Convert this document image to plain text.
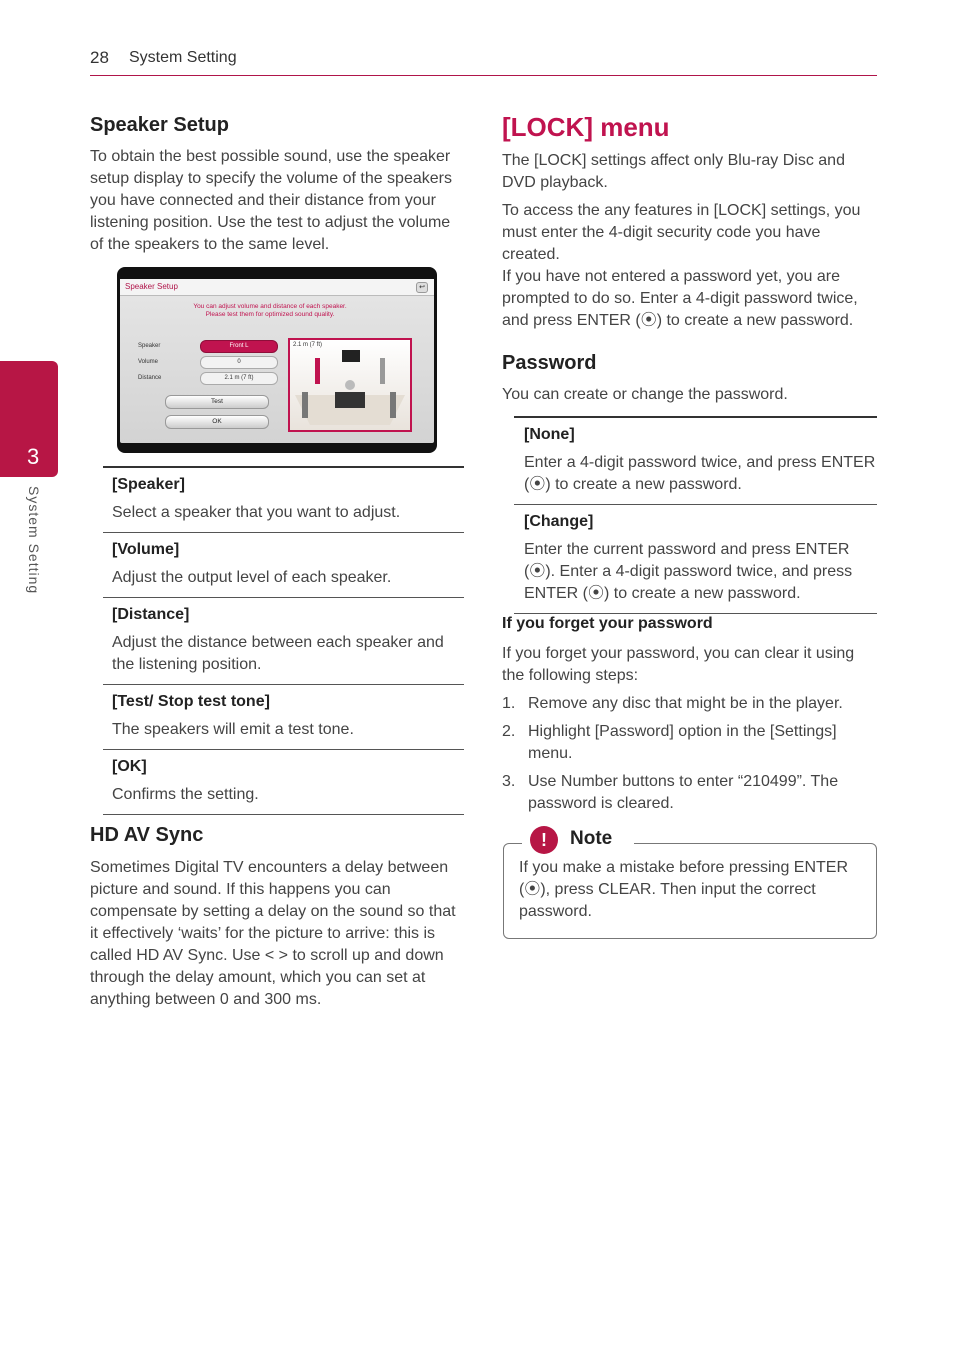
28 System Setting
3
System Setting
Speaker Setup

To obtain the best possible sound, use the speaker setup display to specify the volume of the speakers you have connected and their distance from your listening position. Use the test to adjust the volume of the speakers to the same level.

Speaker Setup	↩
You can adjust volume and distance of each speaker.
Please test them for optimized sound quality.
Speaker	Front L
Volume	0
Distance	2.1 m (7 ft)
Test
OK
2.1 m (7 ft)
[Speaker]
Select a speaker that you want to adjust.
[Volume]
Adjust the output level of each speaker.
[Distance]
Adjust the distance between each speaker and the listening position.
[Test/ Stop test tone]
The speakers will emit a test tone.
[OK]
Confirms the setting.
HD AV Sync

Sometimes Digital TV encounters a delay between picture and sound. If this happens you can compensate by setting a delay on the sound so that it effectively ‘waits’ for the picture to arrive: this is called HD AV Sync. Use < > to scroll up and down through the delay amount, which you can set at anything between 0 and 300 ms.

[LOCK] menu

The [LOCK] settings affect only Blu-ray Disc and DVD playback.

To access the any features in [LOCK] settings, you must enter the 4-digit security code you have created.

If you have not entered a password yet, you are prompted to do so. Enter a 4-digit password twice, and press ENTER (⦿) to create a new password.

Password

You can create or change the password.

[None]
Enter a 4-digit password twice, and press ENTER (⦿) to create a new password.
[Change]
Enter the current password and press ENTER (⦿). Enter a 4-digit password twice, and press ENTER (⦿) to create a new password.
If you forget your password

If you forget your password, you can clear it using the following steps:

1. Remove any disc that might be in the player.
2. Highlight [Password] option in the [Settings] menu.
3. Use Number buttons to enter “210499”. The password is cleared.
!	Note

If you make a mistake before pressing ENTER (⦿), press CLEAR. Then input the correct password.
